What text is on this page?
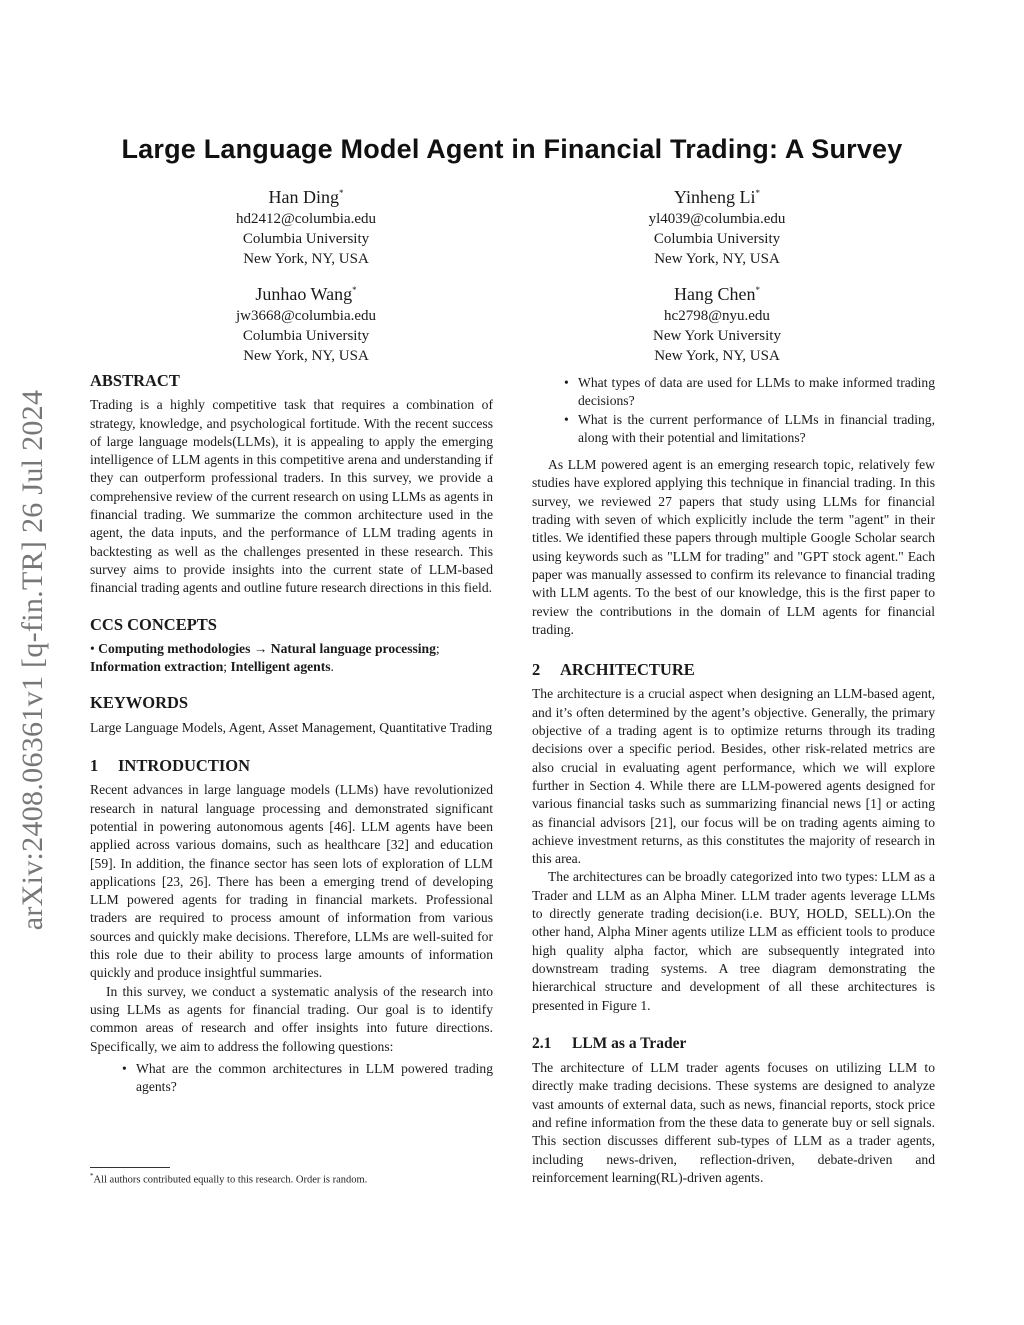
Large Language Model Agent in Financial Trading: A Survey
arXiv:2408.06361v1 [q-fin.TR] 26 Jul 2024
Han Ding*
hd2412@columbia.edu
Columbia University
New York, NY, USA
Yinheng Li*
yl4039@columbia.edu
Columbia University
New York, NY, USA
Junhao Wang*
jw3668@columbia.edu
Columbia University
New York, NY, USA
Hang Chen*
hc2798@nyu.edu
New York University
New York, NY, USA
ABSTRACT

Trading is a highly competitive task that requires a combination of strategy, knowledge, and psychological fortitude. With the recent success of large language models(LLMs), it is appealing to apply the emerging intelligence of LLM agents in this competitive arena and understanding if they can outperform professional traders. In this survey, we provide a comprehensive review of the current research on using LLMs as agents in financial trading. We summarize the common architecture used in the agent, the data inputs, and the performance of LLM trading agents in backtesting as well as the challenges presented in these research. This survey aims to provide insights into the current state of LLM-based financial trading agents and outline future research directions in this field.

CCS CONCEPTS

• Computing methodologies → Natural language processing; Information extraction; Intelligent agents.

KEYWORDS

Large Language Models, Agent, Asset Management, Quantitative Trading

1 INTRODUCTION

Recent advances in large language models (LLMs) have revolutionized research in natural language processing and demonstrated significant potential in powering autonomous agents [46]. LLM agents have been applied across various domains, such as healthcare [32] and education [59]. In addition, the finance sector has seen lots of exploration of LLM applications [23, 26]. There has been a emerging trend of developing LLM powered agents for trading in financial markets. Professional traders are required to process amount of information from various sources and quickly make decisions. Therefore, LLMs are well-suited for this role due to their ability to process large amounts of information quickly and produce insightful summaries.

In this survey, we conduct a systematic analysis of the research into using LLMs as agents for financial trading. Our goal is to identify common areas of research and offer insights into future directions. Specifically, we aim to address the following questions:

• What are the common architectures in LLM powered trading agents?
*All authors contributed equally to this research. Order is random.
• What types of data are used for LLMs to make informed trading decisions?
• What is the current performance of LLMs in financial trading, along with their potential and limitations?

As LLM powered agent is an emerging research topic, relatively few studies have explored applying this technique in financial trading. In this survey, we reviewed 27 papers that study using LLMs for financial trading with seven of which explicitly include the term "agent" in their titles. We identified these papers through multiple Google Scholar search using keywords such as "LLM for trading" and "GPT stock agent." Each paper was manually assessed to confirm its relevance to financial trading with LLM agents. To the best of our knowledge, this is the first paper to review the contributions in the domain of LLM agents for financial trading.

2 ARCHITECTURE

The architecture is a crucial aspect when designing an LLM-based agent, and it’s often determined by the agent’s objective. Generally, the primary objective of a trading agent is to optimize returns through its trading decisions over a specific period. Besides, other risk-related metrics are also crucial in evaluating agent performance, which we will explore further in Section 4. While there are LLM-powered agents designed for various financial tasks such as summarizing financial news [1] or acting as financial advisors [21], our focus will be on trading agents aiming to achieve investment returns, as this constitutes the majority of research in this area.

The architectures can be broadly categorized into two types: LLM as a Trader and LLM as an Alpha Miner. LLM trader agents leverage LLMs to directly generate trading decision(i.e. BUY, HOLD, SELL).On the other hand, Alpha Miner agents utilize LLM as efficient tools to produce high quality alpha factor, which are subsequently integrated into downstream trading systems. A tree diagram demonstrating the hierarchical structure and development of all these architectures is presented in Figure 1.

2.1 LLM as a Trader

The architecture of LLM trader agents focuses on utilizing LLM to directly make trading decisions. These systems are designed to analyze vast amounts of external data, such as news, financial reports, stock price and refine information from the these data to generate buy or sell signals. This section discusses different sub-types of LLM as a trader agents, including news-driven, reflection-driven, debate-driven and reinforcement learning(RL)-driven agents.
